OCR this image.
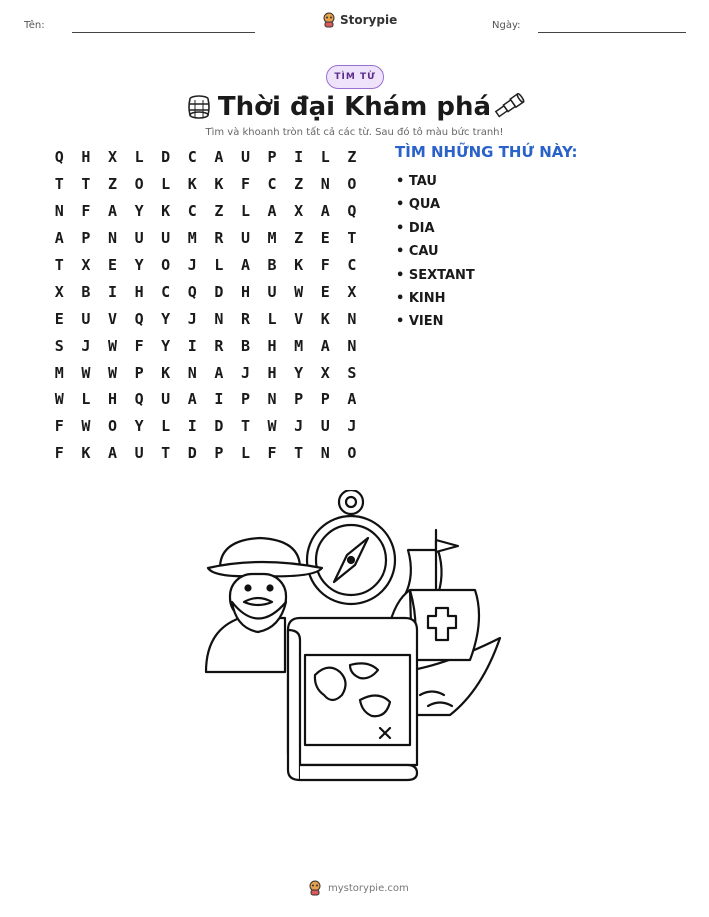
Tên:	Storypie	Ngày:
TÌM TỪ
Thời đại Khám phá
Tìm và khoanh tròn tất cả các từ. Sau đó tô màu bức tranh!
Q	H	X	L	D	C	A	U	P	I	L	Z
T	T	Z	O	L	K	K	F	C	Z	N	O
N	F	A	Y	K	C	Z	L	A	X	A	Q
A	P	N	U	U	M	R	U	M	Z	E	T
T	X	E	Y	O	J	L	A	B	K	F	C
X	B	I	H	C	Q	D	H	U	W	E	X
E	U	V	Q	Y	J	N	R	L	V	K	N
S	J	W	F	Y	I	R	B	H	M	A	N
M	W	W	P	K	N	A	J	H	Y	X	S
W	L	H	Q	U	A	I	P	N	P	P	A
F	W	O	Y	L	I	D	T	W	J	U	J
F	K	A	U	T	D	P	L	F	T	N	O
TÌM NHỮNG THỨ NÀY:
• TAU
• QUA
• DIA
• CAU
• SEXTANT
• KINH
• VIEN
mystorypie.com
